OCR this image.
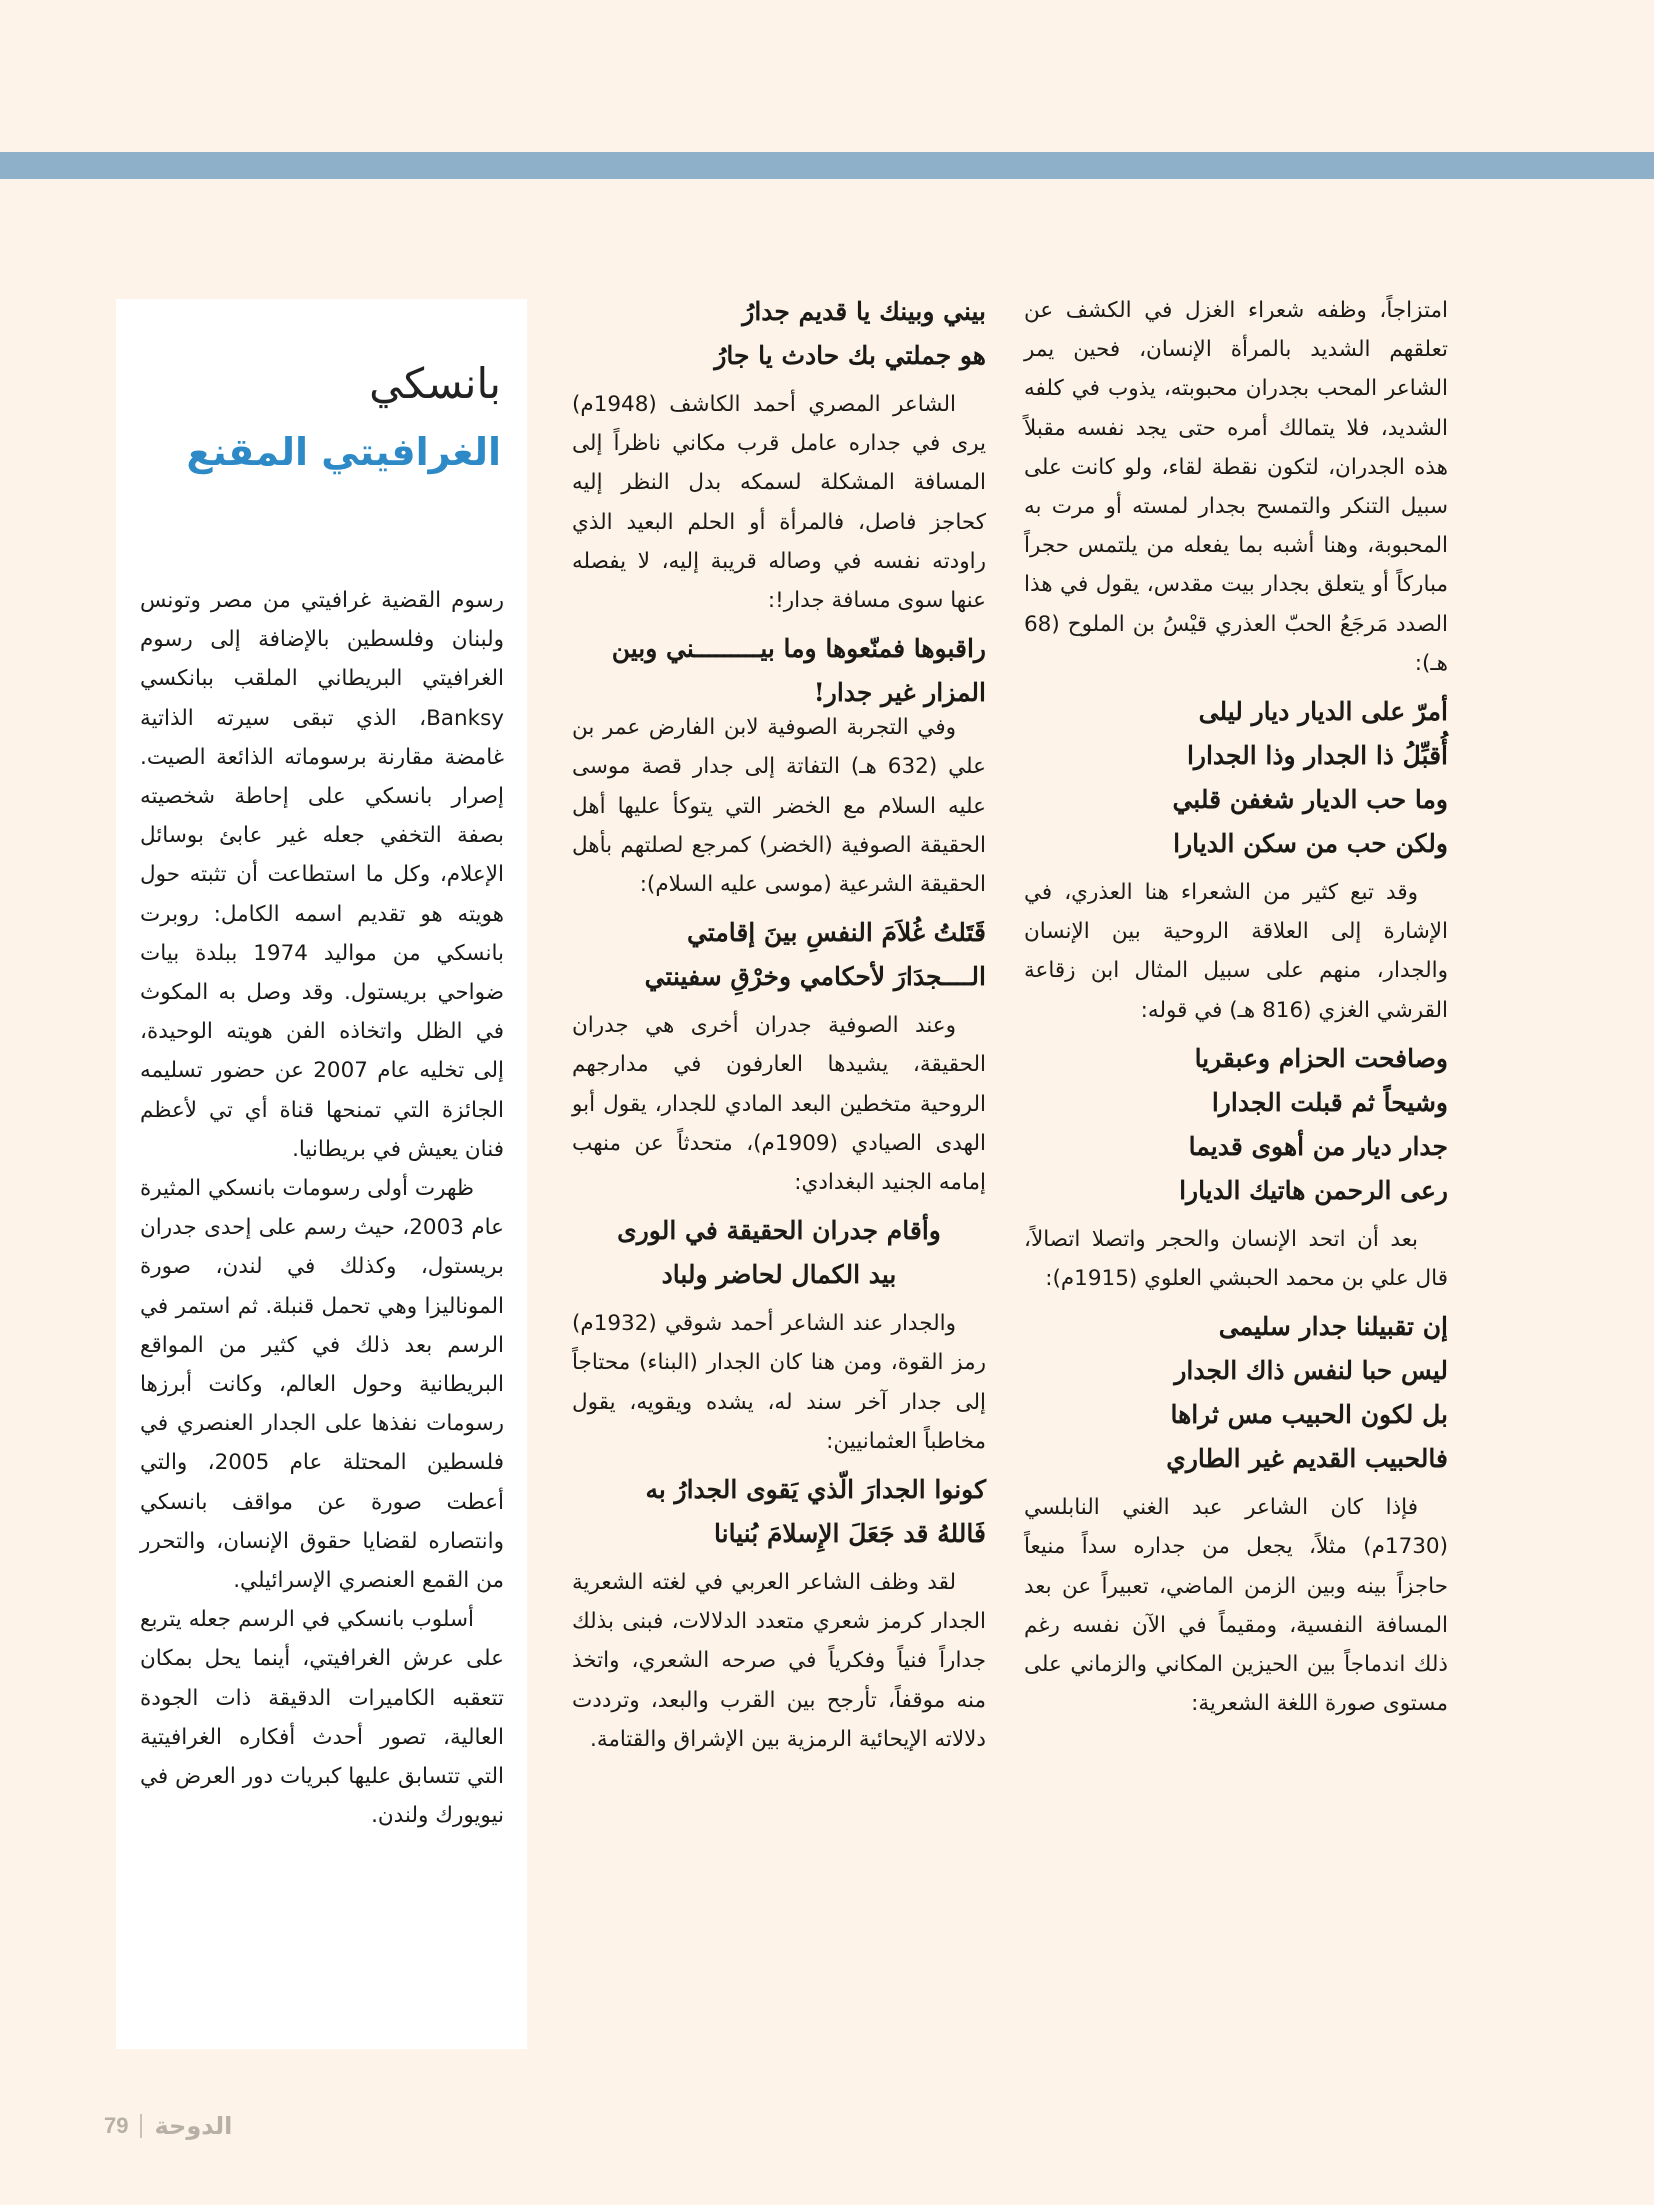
امتزاجاً، وظفه شعراء الغزل في الكشف عن تعلقهم الشديد بالمرأة الإنسان، فحين يمر الشاعر المحب بجدران محبوبته، يذوب في كلفه الشديد، فلا يتمالك أمره حتى يجد نفسه مقبلاً هذه الجدران، لتكون نقطة لقاء، ولو كانت على سبيل التنكر والتمسح بجدار لمسته أو مرت به المحبوبة، وهنا أشبه بما يفعله من يلتمس حجراً مباركاً أو يتعلق بجدار بيت مقدس، يقول في هذا الصدد مَرجَعُ الحبّ العذري قيْسُ بن الملوح (68 هـ):

أمرّ على الديار ديار ليلى
أُقبِّلُ ذا الجدار وذا الجدارا
وما حب الديار شغفن قلبي
ولكن حب من سكن الديارا

وقد تبع كثير من الشعراء هنا العذري، في الإشارة إلى العلاقة الروحية بين الإنسان والجدار، منهم على سبيل المثال ابن زقاعة القرشي الغزي (816 هـ) في قوله:

وصافحت الحزام وعبقريا
وشيحاً ثم قبلت الجدارا
جدار ديار من أهوى قديما
رعى الرحمن هاتيك الديارا

بعد أن اتحد الإنسان والحجر واتصلا اتصالاً، قال علي بن محمد الحبشي العلوي (1915م):

إن تقبيلنا جدار سليمى
ليس حبا لنفس ذاك الجدار
بل لكون الحبيب مس ثراها
فالحبيب القديم غير الطاري

فإذا كان الشاعر عبد الغني النابلسي (1730م) مثلاً، يجعل من جداره سداً منيعاً حاجزاً بينه وبين الزمن الماضي، تعبيراً عن بعد المسافة النفسية، ومقيماً في الآن نفسه رغم ذلك اندماجاً بين الحيزين المكاني والزماني على مستوى صورة اللغة الشعرية:

بيني وبينك يا قديم جدارُ
هو جملتي بك حادث يا جارُ

الشاعر المصري أحمد الكاشف (1948م) يرى في جداره عامل قرب مكاني ناظراً إلى المسافة المشكلة لسمكه بدل النظر إليه كحاجز فاصل، فالمرأة أو الحلم البعيد الذي راودته نفسه في وصاله قريبة إليه، لا يفصله عنها سوى مسافة جدار!:

راقبوها فمنّعوها وما بيـــــــــني وبين
المزار غير جدار!

وفي التجربة الصوفية لابن الفارض عمر بن علي (632 هـ) التفاتة إلى جدار قصة موسى عليه السلام مع الخضر التي يتوكأ عليها أهل الحقيقة الصوفية (الخضر) كمرجع لصلتهم بأهل الحقيقة الشرعية (موسى عليه السلام):

قَتَلتُ غُلاَمَ النفسِ بينَ إقامتي
الــــجدَارَ لأحكامي وخرْقِ سفينتي

وعند الصوفية جدران أخرى هي جدران الحقيقة، يشيدها العارفون في مدارجهم الروحية متخطين البعد المادي للجدار، يقول أبو الهدى الصيادي (1909م)، متحدثاً عن منهب إمامه الجنيد البغدادي:

وأقام جدران الحقيقة في الورى
بيد الكمال لحاضر ولباد

والجدار عند الشاعر أحمد شوقي (1932م) رمز القوة، ومن هنا كان الجدار (البناء) محتاجاً إلى جدار آخر سند له، يشده ويقويه، يقول مخاطباً العثمانيين:

كونوا الجدارَ الّذي يَقوى الجدارُ به
فَاللهُ قد جَعَلَ الإِسلامَ بُنيانا

لقد وظف الشاعر العربي في لغته الشعرية الجدار كرمز شعري متعدد الدلالات، فبنى بذلك جداراً فنياً وفكرياً في صرحه الشعري، واتخذ منه موقفاً، تأرجح بين القرب والبعد، وترددت دلالاته الإيحائية الرمزية بين الإشراق والقتامة.

بانسكي
الغرافيتي المقنع

رسوم القضية غرافيتي من مصر وتونس ولبنان وفلسطين بالإضافة إلى رسوم الغرافيتي البريطاني الملقب ببانكسي Banksy، الذي تبقى سيرته الذاتية غامضة مقارنة برسوماته الذائعة الصيت. إصرار بانسكي على إحاطة شخصيته بصفة التخفي جعله غير عابئ بوسائل الإعلام، وكل ما استطاعت أن تثبته حول هويته هو تقديم اسمه الكامل: روبرت بانسكي من مواليد 1974 ببلدة بيات ضواحي بريستول. وقد وصل به المكوث في الظل واتخاذه الفن هويته الوحيدة، إلى تخليه عام 2007 عن حضور تسليمه الجائزة التي تمنحها قناة أي تي لأعظم فنان يعيش في بريطانيا.

ظهرت أولى رسومات بانسكي المثيرة عام 2003، حيث رسم على إحدى جدران بريستول، وكذلك في لندن، صورة الموناليزا وهي تحمل قنبلة. ثم استمر في الرسم بعد ذلك في كثير من المواقع البريطانية وحول العالم، وكانت أبرزها رسومات نفذها على الجدار العنصري في فلسطين المحتلة عام 2005، والتي أعطت صورة عن مواقف بانسكي وانتصاره لقضايا حقوق الإنسان، والتحرر من القمع العنصري الإسرائيلي.

أسلوب بانسكي في الرسم جعله يتربع على عرش الغرافيتي، أينما يحل بمكان تتعقبه الكاميرات الدقيقة ذات الجودة العالية، تصور أحدث أفكاره الغرافيتية التي تتسابق عليها كبريات دور العرض في نيويورك ولندن.

79 الدوحة
